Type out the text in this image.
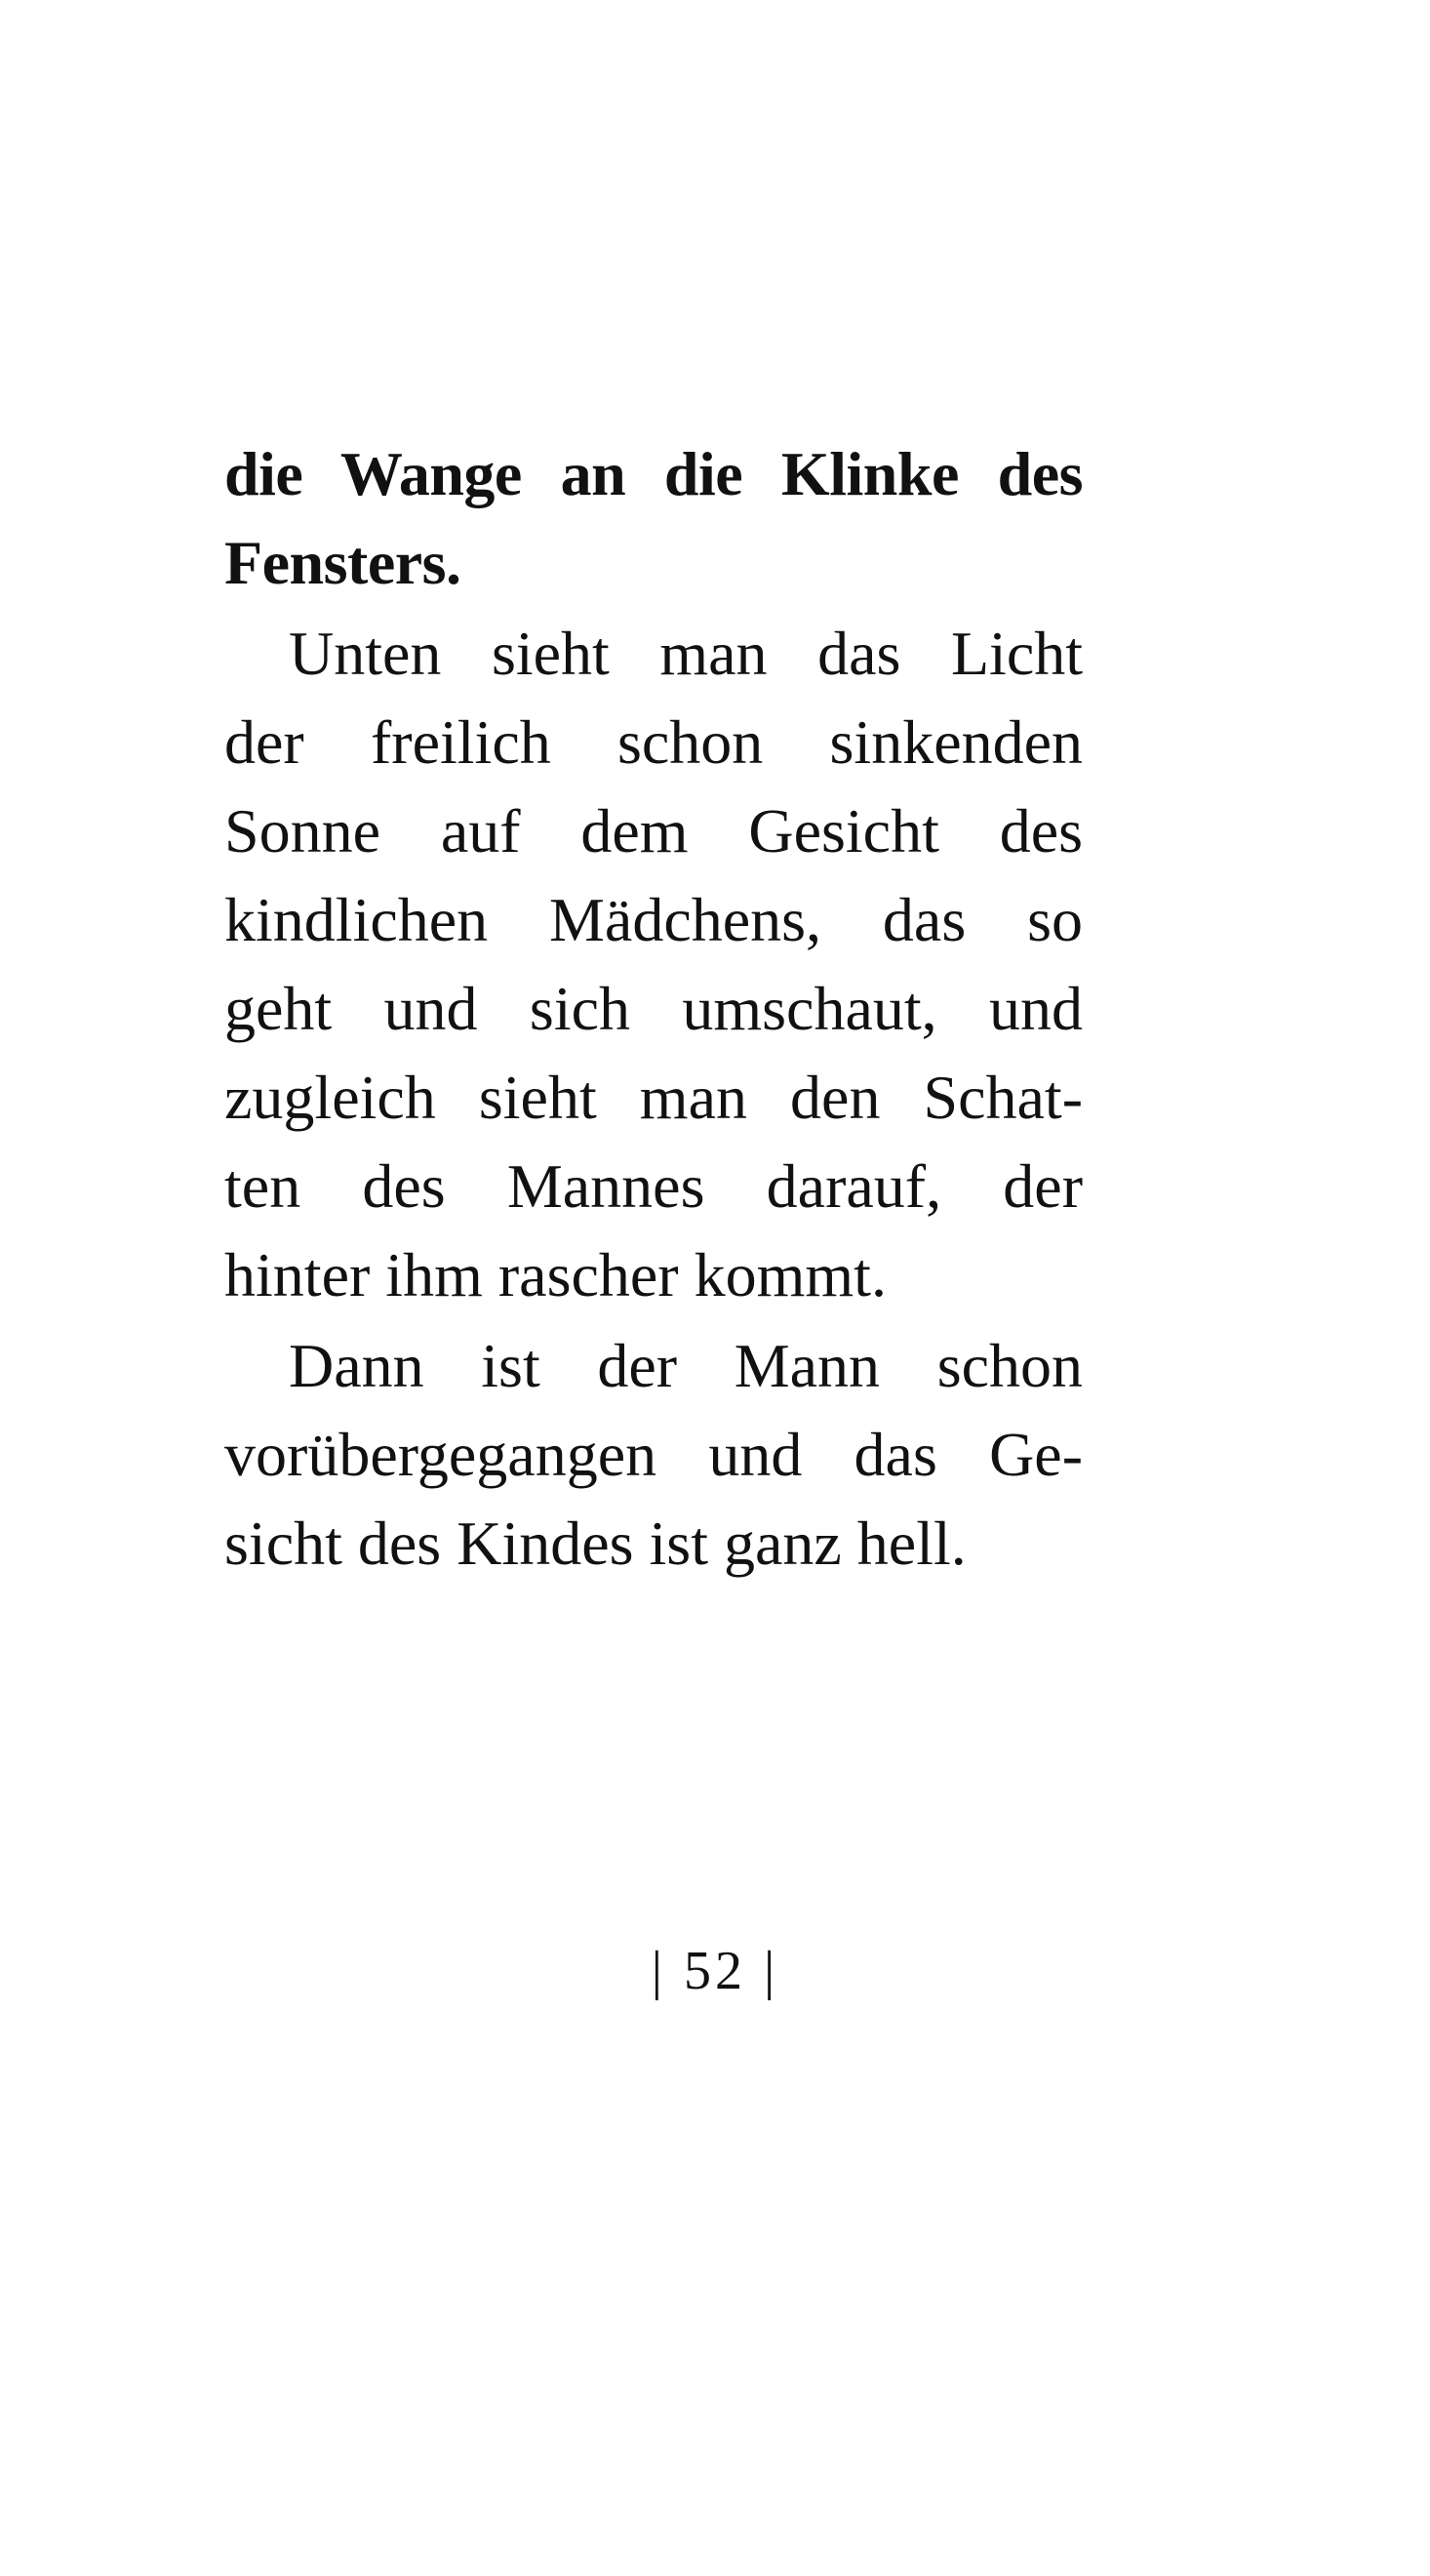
die Wange an die Klinke des
Fensters.
Unten sieht man das Licht
der freilich schon sinkenden
Sonne auf dem Gesicht des
kindlichen Mädchens, das so
geht und sich umschaut, und
zugleich sieht man den Schat-
ten des Mannes darauf, der
hinter ihm rascher kommt.
Dann ist der Mann schon
vorübergegangen und das Ge-
sicht des Kindes ist ganz hell.
| 52 |
